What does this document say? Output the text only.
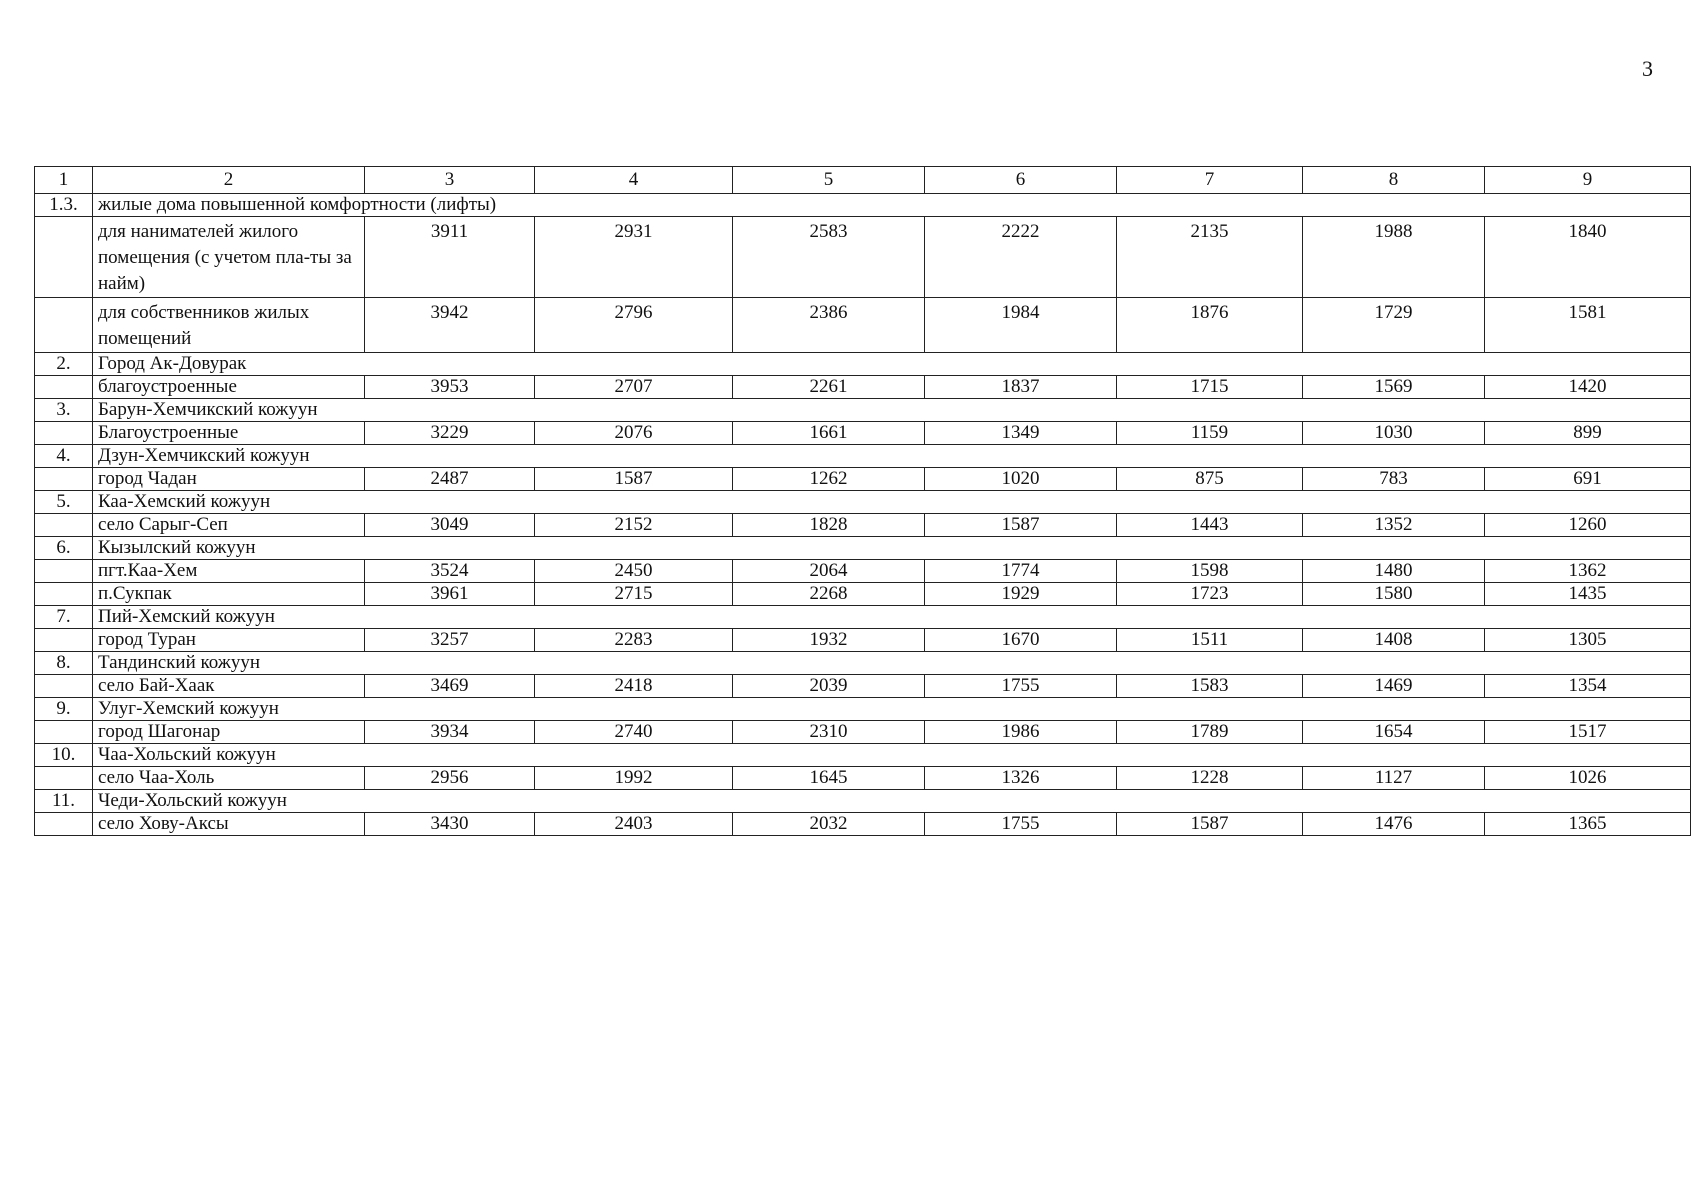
3
1	2	3	4	5	6	7	8	9
1.3.	жилые дома повышенной комфортности (лифты)							
	для нанимателей жилого помещения (с учетом пла-ты за найм)	3911	2931	2583	2222	2135	1988	1840
	для собственников жилых помещений	3942	2796	2386	1984	1876	1729	1581
2.	Город Ак-Довурак							
	благоустроенные	3953	2707	2261	1837	1715	1569	1420
3.	Барун-Хемчикский кожуун							
	Благоустроенные	3229	2076	1661	1349	1159	1030	899
4.	Дзун-Хемчикский кожуун							
	город Чадан	2487	1587	1262	1020	875	783	691
5.	Каа-Хемский кожуун							
	село Сарыг-Сеп	3049	2152	1828	1587	1443	1352	1260
6.	Кызылский кожуун							
	пгт.Каа-Хем	3524	2450	2064	1774	1598	1480	1362
	п.Сукпак	3961	2715	2268	1929	1723	1580	1435
7.	Пий-Хемский кожуун							
	город Туран	3257	2283	1932	1670	1511	1408	1305
8.	Тандинский кожуун							
	село Бай-Хаак	3469	2418	2039	1755	1583	1469	1354
9.	Улуг-Хемский кожуун							
	город Шагонар	3934	2740	2310	1986	1789	1654	1517
10.	Чаа-Хольский кожуун							
	село Чаа-Холь	2956	1992	1645	1326	1228	1127	1026
11.	Чеди-Хольский кожуун							
	село Хову-Аксы	3430	2403	2032	1755	1587	1476	1365
